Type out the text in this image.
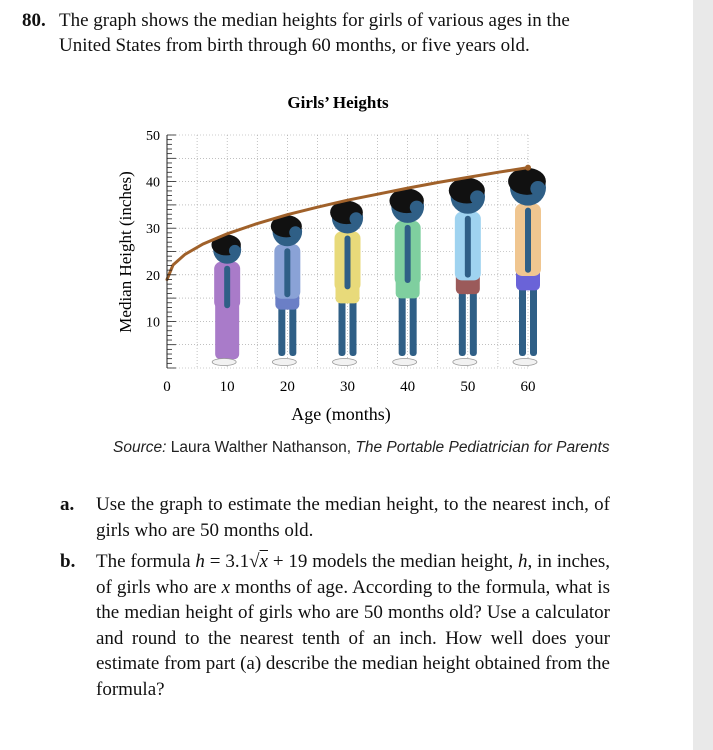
80. The graph shows the median heights for girls of various ages in the United States from birth through 60 months, or five years old.
Girls’ Heights
10
20
30
40
50
0	10	20	30	40	50	60
Age (months)
Median Height (inches)
Source: Laura Walther Nathanson, The Portable Pediatrician for Parents
a. Use the graph to estimate the median height, to the nearest inch, of girls who are 50 months old.
b. The formula h = 3.1√x + 19 models the median height, h, in inches, of girls who are x months of age. According to the formula, what is the median height of girls who are 50 months old? Use a calculator and round to the nearest tenth of an inch. How well does your estimate from part (a) describe the median height obtained from the formula?
